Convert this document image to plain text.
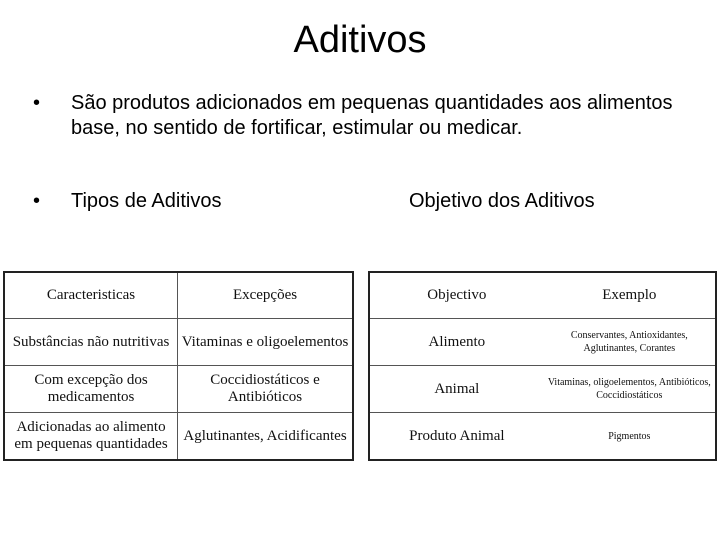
Aditivos
•	São produtos adicionados em pequenas quantidades aos alimentos base, no sentido de fortificar, estimular ou medicar.
•	Tipos de Aditivos	Objetivo dos Aditivos
Caracteristicas	Excepções
Substâncias não nutritivas	Vitaminas e oligoelementos
Com excepção dos medicamentos	Coccidiostáticos e Antibióticos
Adicionadas ao alimento em pequenas quantidades	Aglutinantes, Acidificantes
Objectivo	Exemplo
Alimento	Conservantes, Antioxidantes, Aglutinantes, Corantes
Animal	Vitaminas, oligoelementos, Antibióticos, Coccidiostáticos
Produto Animal	Pigmentos
